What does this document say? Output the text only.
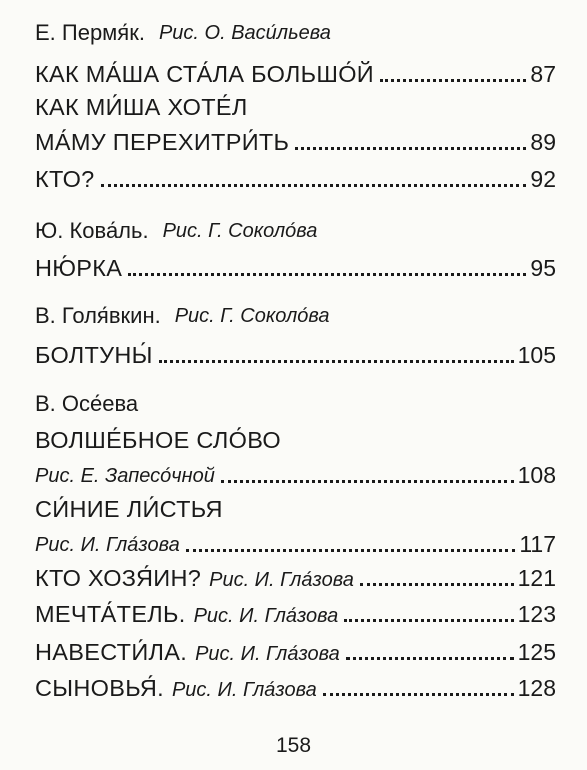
Е. Пермя́к. Рис. О. Васи́льева
КАК МА́ША СТА́ЛА БОЛЬШО́Й	87
КАК МИ́ША ХОТЕ́Л
МА́МУ ПЕРЕХИТРИ́ТЬ	89
КТО?	92
Ю. Кова́ль. Рис. Г. Соколо́ва
НЮ́РКА	95
В. Голя́вкин. Рис. Г. Соколо́ва
БОЛТУНЫ́	105
В. Осе́ева
ВОЛШЕ́БНОЕ СЛО́ВО
Рис. Е. Запесо́чной	108
СИ́НИЕ ЛИ́СТЬЯ
Рис. И. Гла́зова	117
КТО ХОЗЯ́ИН? Рис. И. Гла́зова	121
МЕЧТА́ТЕЛЬ. Рис. И. Гла́зова	123
НАВЕСТИ́ЛА. Рис. И. Гла́зова	125
СЫНОВЬЯ́. Рис. И. Гла́зова	128
158
